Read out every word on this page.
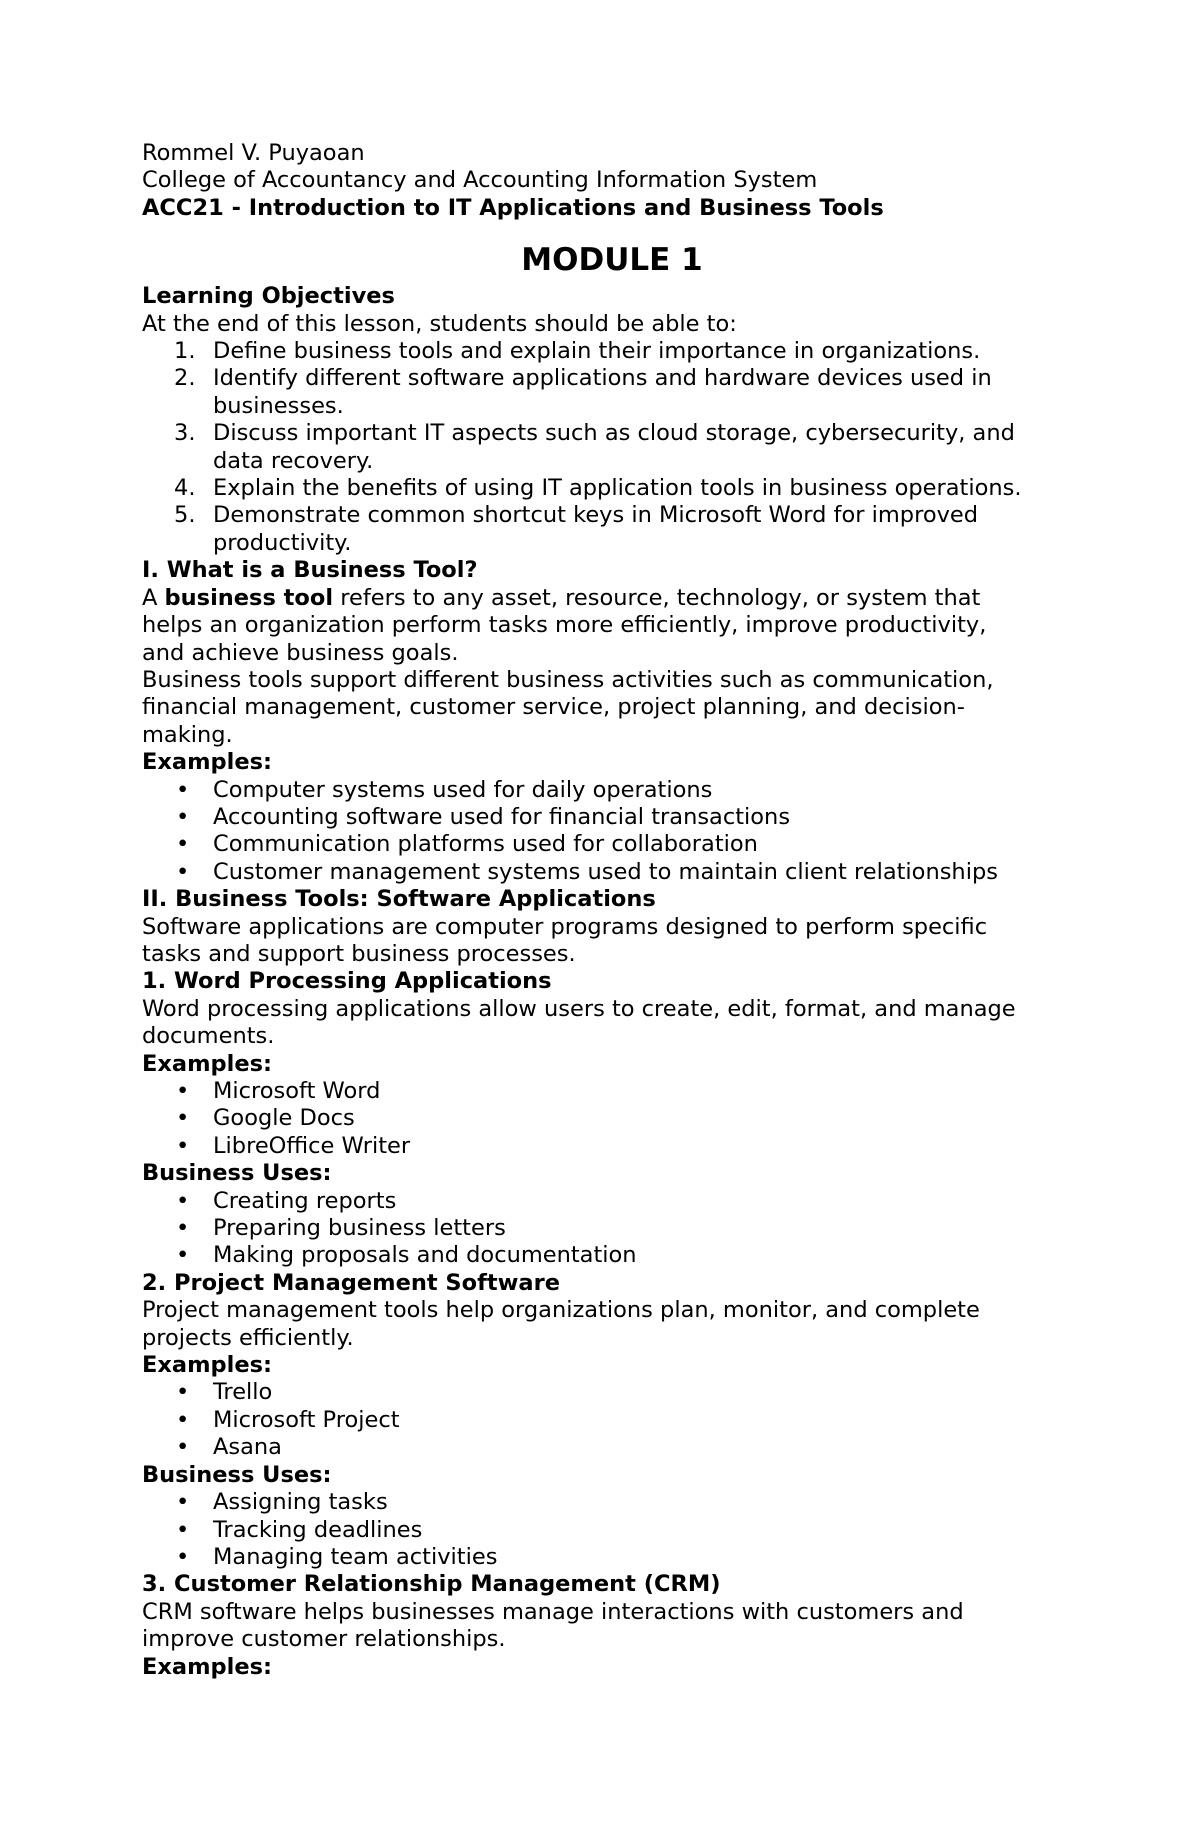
Rommel V. Puyaoan

College of Accountancy and Accounting Information System

ACC21 - Introduction to IT Applications and Business Tools

MODULE 1

Learning Objectives

At the end of this lesson, students should be able to:

1. Define business tools and explain their importance in organizations.
2. Identify different software applications and hardware devices used in
businesses.
3. Discuss important IT aspects such as cloud storage, cybersecurity, and
data recovery.
4. Explain the benefits of using IT application tools in business operations.
5. Demonstrate common shortcut keys in Microsoft Word for improved
productivity.

I. What is a Business Tool?

A business tool refers to any asset, resource, technology, or system that

helps an organization perform tasks more efficiently, improve productivity,

and achieve business goals.

Business tools support different business activities such as communication,

financial management, customer service, project planning, and decision-

making.

Examples:

• Computer systems used for daily operations
• Accounting software used for financial transactions
• Communication platforms used for collaboration
• Customer management systems used to maintain client relationships

II. Business Tools: Software Applications

Software applications are computer programs designed to perform specific

tasks and support business processes.

1. Word Processing Applications

Word processing applications allow users to create, edit, format, and manage

documents.

Examples:

• Microsoft Word
• Google Docs
• LibreOffice Writer

Business Uses:

• Creating reports
• Preparing business letters
• Making proposals and documentation

2. Project Management Software

Project management tools help organizations plan, monitor, and complete

projects efficiently.

Examples:

• Trello
• Microsoft Project
• Asana

Business Uses:

• Assigning tasks
• Tracking deadlines
• Managing team activities

3. Customer Relationship Management (CRM)

CRM software helps businesses manage interactions with customers and

improve customer relationships.

Examples:
